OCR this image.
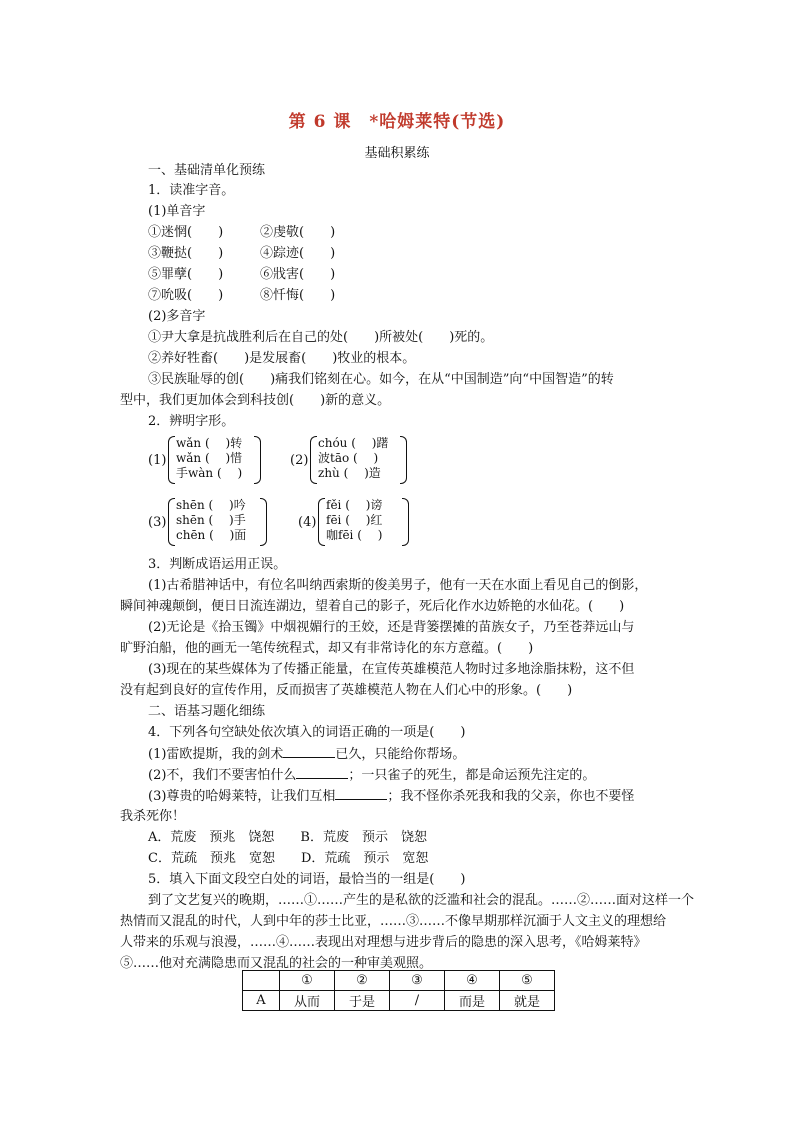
第 6 课　*哈姆莱特(节选)
基础积累练
一、基础清单化预练
1．读准字音。
(1)单音字
①迷惘(　　)	②虔敬(　　)
③鞭挞(　　)	④踪迹(　　)
⑤罪孽(　　)	⑥戕害(　　)
⑦吮吸(　　)	⑧忏悔(　　)
(2)多音字
①尹大拿是抗战胜利后在自己的处(　　)所被处(　　)死的。
②养好牲畜(　　)是发展畜(　　)牧业的根本。
③民族耻辱的创(　　)痛我们铭刻在心。如今，在从“中国制造”向“中国智造”的转
型中，我们更加体会到科技创(　　)新的意义。
2．辨明字形。
(1)
wǎn (　 )转
wǎn (　 )惜
手wàn (　 )
(2)
chóu (　 )躇
波tāo (　 )
zhù (　 )造
(3)
shēn (　 )吟
shēn (　 )手
chēn (　 )面
(4)
fěi (　 )谤
fēi (　 )红
咖fēi (　 )
3．判断成语运用正误。
(1)古希腊神话中，有位名叫纳西索斯的俊美男子，他有一天在水面上看见自己的倒影，
瞬间神魂颠倒，便日日流连湖边，望着自己的影子，死后化作水边娇艳的水仙花。(　　)
(2)无论是《拾玉镯》中烟视媚行的王姣，还是背篓摆摊的苗族女子，乃至苍莽远山与
旷野泊船，他的画无一笔传统程式，却又有非常诗化的东方意蕴。(　　)
(3)现在的某些媒体为了传播正能量，在宣传英雄模范人物时过多地涂脂抹粉，这不但
没有起到良好的宣传作用，反而损害了英雄模范人物在人们心中的形象。(　　)
二、语基习题化细练
4．下列各句空缺处依次填入的词语正确的一项是(　　)
(1)雷欧提斯，我的剑术	已久，只能给你帮场。
(2)不，我们不要害怕什么	；一只雀子的死生，都是命运预先注定的。
(3)尊贵的哈姆莱特，让我们互相	；我不怪你杀死我和我的父亲，你也不要怪
我杀死你！
A．荒废　预兆　饶恕　　B．荒废　预示　饶恕
C．荒疏　预兆　宽恕　　D．荒疏　预示　宽恕
5．填入下面文段空白处的词语，最恰当的一组是(　　)
到了文艺复兴的晚期，……①……产生的是私欲的泛滥和社会的混乱。……②……面对这样一个
热情而又混乱的时代，人到中年的莎士比亚，……③……不像早期那样沉湎于人文主义的理想给
人带来的乐观与浪漫，……④……表现出对理想与进步背后的隐患的深入思考，《哈姆莱特》
⑤……他对充满隐患而又混乱的社会的一种审美观照。
	①	②	③	④	⑤
A	从而	于是	/	而是	就是
